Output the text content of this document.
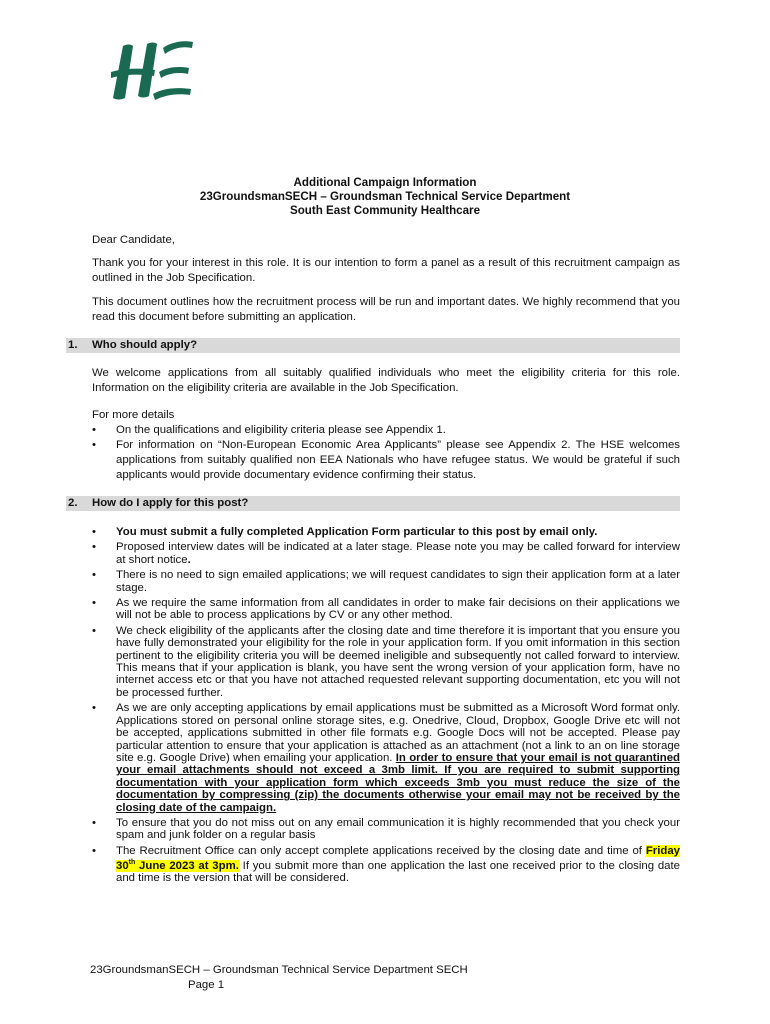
Additional Campaign Information
23GroundsmanSECH – Groundsman Technical Service Department
South East Community Healthcare
Dear Candidate,
Thank you for your interest in this role. It is our intention to form a panel as a result of this recruitment campaign as outlined in the Job Specification.
This document outlines how the recruitment process will be run and important dates. We highly recommend that you read this document before submitting an application.
1. Who should apply?
We welcome applications from all suitably qualified individuals who meet the eligibility criteria for this role. Information on the eligibility criteria are available in the Job Specification.
For more details
• On the qualifications and eligibility criteria please see Appendix 1.
• For information on “Non-European Economic Area Applicants” please see Appendix 2. The HSE welcomes applications from suitably qualified non EEA Nationals who have refugee status. We would be grateful if such applicants would provide documentary evidence confirming their status.
2. How do I apply for this post?
• You must submit a fully completed Application Form particular to this post by email only.
• Proposed interview dates will be indicated at a later stage. Please note you may be called forward for interview at short notice.
• There is no need to sign emailed applications; we will request candidates to sign their application form at a later stage.
• As we require the same information from all candidates in order to make fair decisions on their applications we will not be able to process applications by CV or any other method.
• We check eligibility of the applicants after the closing date and time therefore it is important that you ensure you have fully demonstrated your eligibility for the role in your application form. If you omit information in this section pertinent to the eligibility criteria you will be deemed ineligible and subsequently not called forward to interview. This means that if your application is blank, you have sent the wrong version of your application form, have no internet access etc or that you have not attached requested relevant supporting documentation, etc you will not be processed further.
• As we are only accepting applications by email applications must be submitted as a Microsoft Word format only. Applications stored on personal online storage sites, e.g. Onedrive, Cloud, Dropbox, Google Drive etc will not be accepted, applications submitted in other file formats e.g. Google Docs will not be accepted. Please pay particular attention to ensure that your application is attached as an attachment (not a link to an on line storage site e.g. Google Drive) when emailing your application. In order to ensure that your email is not quarantined your email attachments should not exceed a 3mb limit. If you are required to submit supporting documentation with your application form which exceeds 3mb you must reduce the size of the documentation by compressing (zip) the documents otherwise your email may not be received by the closing date of the campaign.
• To ensure that you do not miss out on any email communication it is highly recommended that you check your spam and junk folder on a regular basis
• The Recruitment Office can only accept complete applications received by the closing date and time of Friday 30th June 2023 at 3pm. If you submit more than one application the last one received prior to the closing date and time is the version that will be considered.
23GroundsmanSECH – Groundsman Technical Service Department SECH
Page 1
